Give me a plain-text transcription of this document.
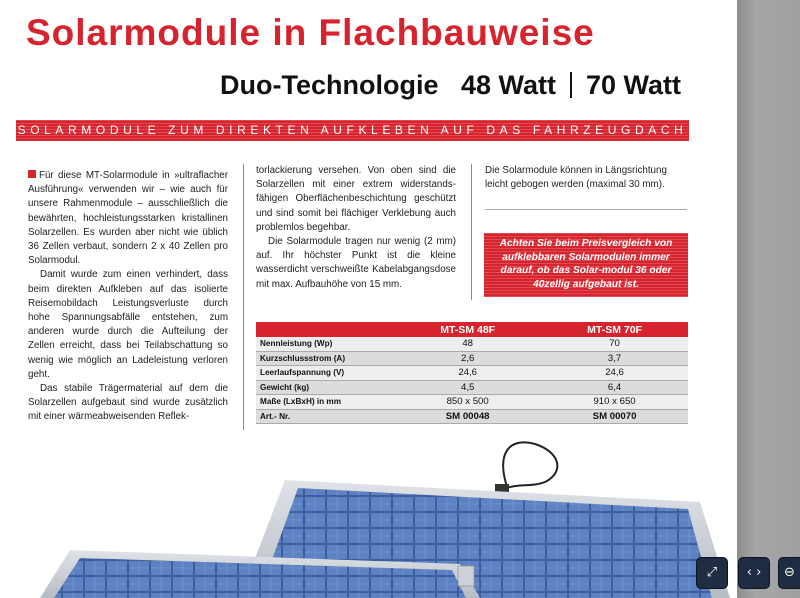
Solarmodule in Flachbauweise
Duo-Technologie 48 Watt 70 Watt
SOLARMODULE ZUM DIREKTEN AUFKLEBEN AUF DAS FAHRZEUGDACH

Für diese MT-Solarmodule in »ultraflacher Ausführung« verwenden wir – wie auch für unsere Rahmenmodule – ausschließlich die bewährten, hochleistungsstarken kristallinen Solarzellen. Es wurden aber nicht wie üblich 36 Zellen verbaut, sondern 2 x 40 Zellen pro Solarmodul.

Damit wurde zum einen verhindert, dass beim direkten Aufkleben auf das isolierte Reisemobildach Leistungsverluste durch hohe Spannungsabfälle entstehen, zum anderen wurde durch die Aufteilung der Zellen erreicht, dass bei Teilabschattung so wenig wie möglich an Ladeleistung verloren geht.

Das stabile Trägermaterial auf dem die Solarzellen aufgebaut sind wurde zusätzlich mit einer wärmeabweisenden Reflek-

torlackierung versehen. Von oben sind die Solarzellen mit einer extrem widerstandsfähigen Oberflächenbeschichtung geschützt und sind somit bei flächiger Verklebung auch problemlos begehbar.

Die Solarmodule tragen nur wenig (2 mm) auf. Ihr höchster Punkt ist die kleine wasserdicht verschweißte Kabelabgangsdose mit max. Aufbauhöhe von 15 mm.

Die Solarmodule können in Längsrichtung leicht gebogen werden (maximal 30 mm).

Achten Sie beim Preisvergleich von aufklebbaren Solarmodulen immer darauf, ob das Solar-modul 36 oder 40zellig aufgebaut ist.
	MT-SM 48F	MT-SM 70F
Nennleistung (Wp)	48	70
Kurzschlussstrom (A)	2,6	3,7
Leerlaufspannung (V)	24,6	24,6
Gewicht (kg)	4,5	6,4
Maße (LxBxH) in mm	850 x 500	910 x 650
Art.- Nr.	SM 00048	SM 00070
⤢	‹ ›	⊖
